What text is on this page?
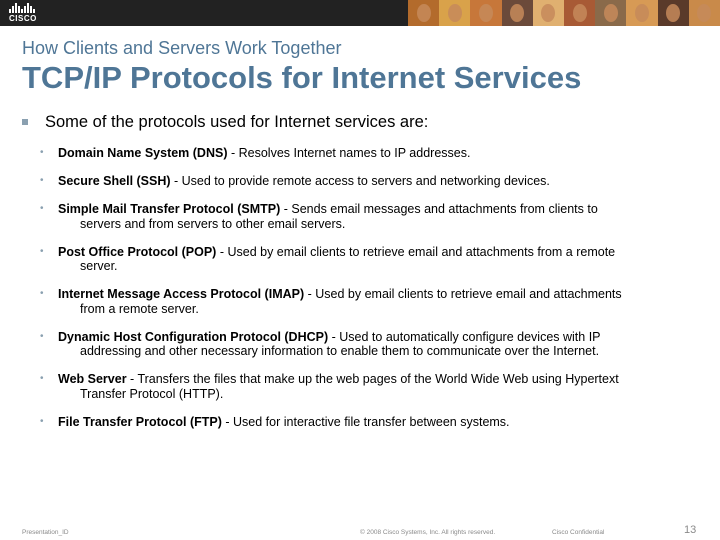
CISCO
How Clients and Servers Work Together
TCP/IP Protocols for Internet Services
Some of the protocols used for Internet services are:
• Domain Name System (DNS) - Resolves Internet names to IP addresses.
• Secure Shell (SSH) - Used to provide remote access to servers and networking devices.
• Simple Mail Transfer Protocol (SMTP) - Sends email messages and attachments from clients to
servers and from servers to other email servers.
• Post Office Protocol (POP) - Used by email clients to retrieve email and attachments from a remote
server.
• Internet Message Access Protocol (IMAP) - Used by email clients to retrieve email and attachments
from a remote server.
• Dynamic Host Configuration Protocol (DHCP) - Used to automatically configure devices with IP
addressing and other necessary information to enable them to communicate over the Internet.
• Web Server - Transfers the files that make up the web pages of the World Wide Web using Hypertext
Transfer Protocol (HTTP).
• File Transfer Protocol (FTP) - Used for interactive file transfer between systems.
Presentation_ID	© 2008 Cisco Systems, Inc. All rights reserved.	Cisco Confidential	13
